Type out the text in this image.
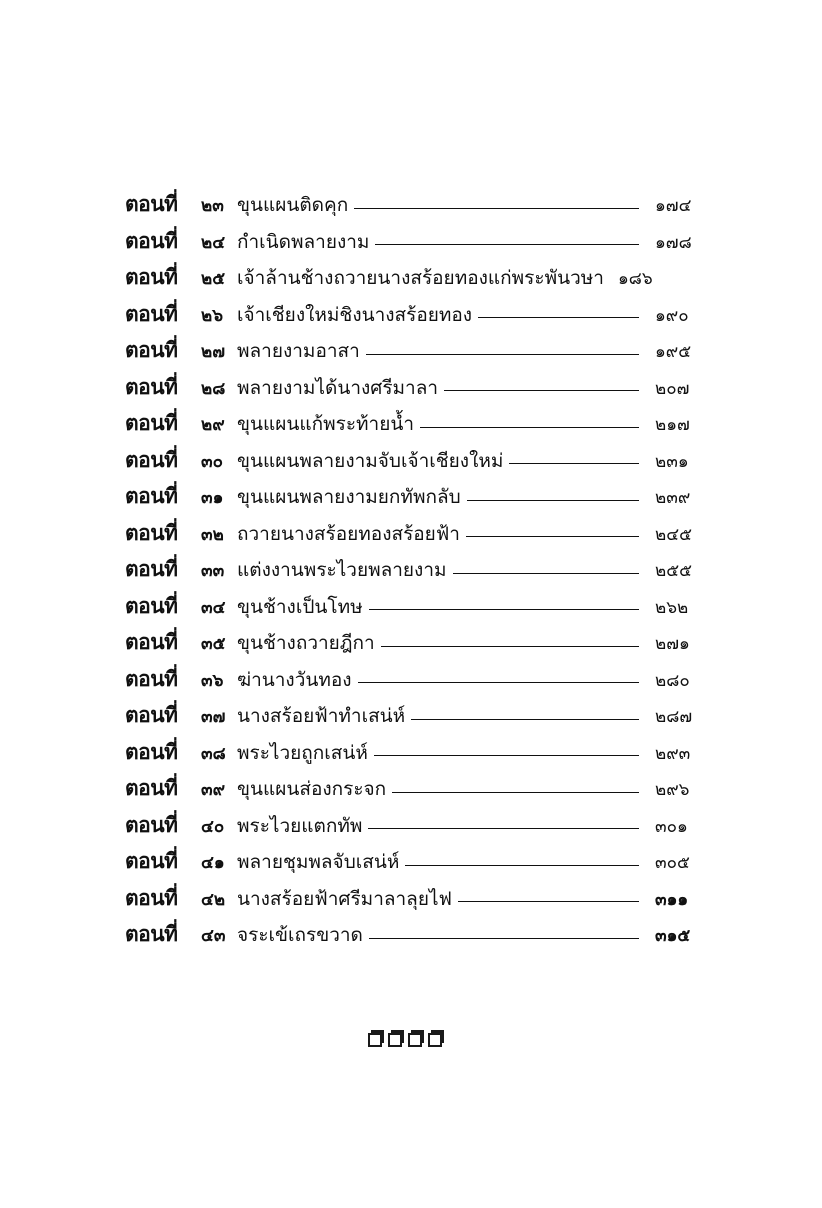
ตอนที่	๒๓ ขุนแผนติดคุก	๑๗๔
ตอนที่	๒๔ กำเนิดพลายงาม	๑๗๘
ตอนที่	๒๕ เจ้าล้านช้างถวายนางสร้อยทองแก่พระพันวษา ๑๘๖
ตอนที่	๒๖ เจ้าเชียงใหม่ชิงนางสร้อยทอง	๑๙๐
ตอนที่	๒๗ พลายงามอาสา	๑๙๕
ตอนที่	๒๘ พลายงามได้นางศรีมาลา	๒๐๗
ตอนที่	๒๙ ขุนแผนแก้พระท้ายน้ำ	๒๑๗
ตอนที่	๓๐ ขุนแผนพลายงามจับเจ้าเชียงใหม่	๒๓๑
ตอนที่	๓๑ ขุนแผนพลายงามยกทัพกลับ	๒๓๙
ตอนที่	๓๒ ถวายนางสร้อยทองสร้อยฟ้า	๒๔๕
ตอนที่	๓๓ แต่งงานพระไวยพลายงาม	๒๕๕
ตอนที่	๓๔ ขุนช้างเป็นโทษ	๒๖๒
ตอนที่	๓๕ ขุนช้างถวายฎีกา	๒๗๑
ตอนที่	๓๖ ฆ่านางวันทอง	๒๘๐
ตอนที่	๓๗ นางสร้อยฟ้าทำเสน่ห์	๒๘๗
ตอนที่	๓๘ พระไวยถูกเสน่ห์	๒๙๓
ตอนที่	๓๙ ขุนแผนส่องกระจก	๒๙๖
ตอนที่	๔๐ พระไวยแตกทัพ	๓๐๑
ตอนที่	๔๑ พลายชุมพลจับเสน่ห์	๓๐๕
ตอนที่	๔๒ นางสร้อยฟ้าศรีมาลาลุยไฟ	๓๑๑
ตอนที่	๔๓ จระเข้เถรขวาด	๓๑๕
